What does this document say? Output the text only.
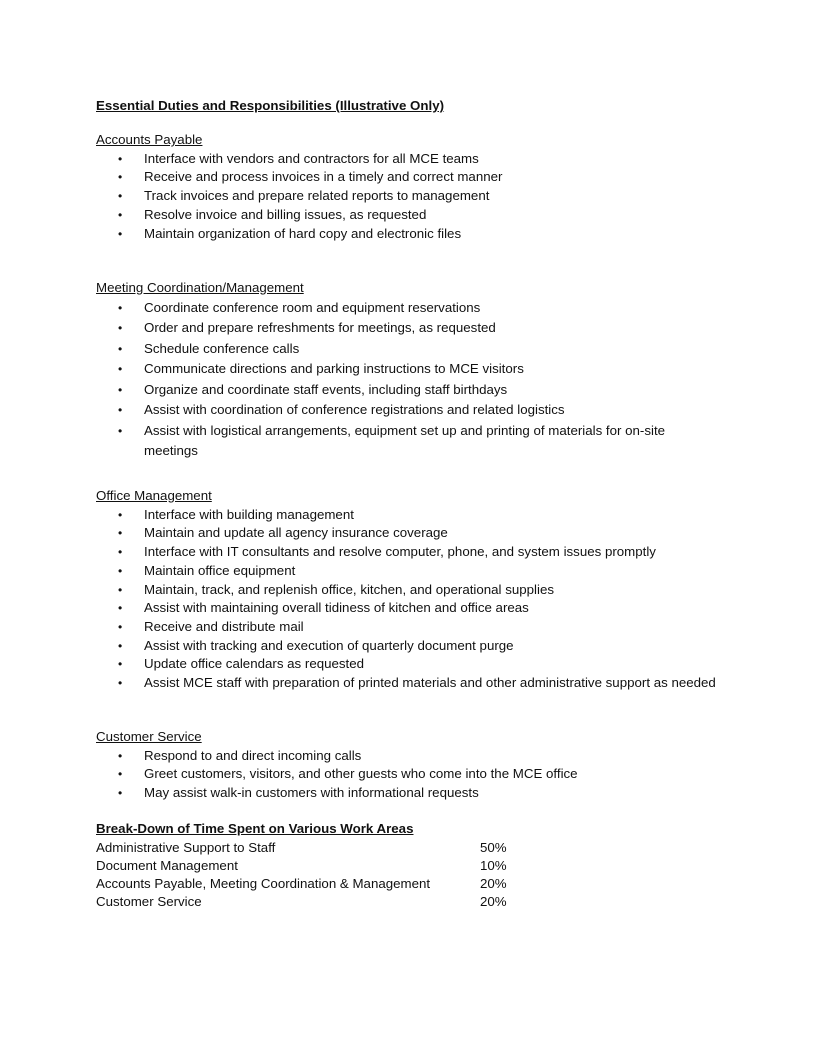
Essential Duties and Responsibilities (Illustrative Only)

Accounts Payable

• Interface with vendors and contractors for all MCE teams
• Receive and process invoices in a timely and correct manner
• Track invoices and prepare related reports to management
• Resolve invoice and billing issues, as requested
• Maintain organization of hard copy and electronic files

Meeting Coordination/Management

• Coordinate conference room and equipment reservations
• Order and prepare refreshments for meetings, as requested
• Schedule conference calls
• Communicate directions and parking instructions to MCE visitors
• Organize and coordinate staff events, including staff birthdays
• Assist with coordination of conference registrations and related logistics
• Assist with logistical arrangements, equipment set up and printing of materials for on-site meetings

Office Management

• Interface with building management
• Maintain and update all agency insurance coverage
• Interface with IT consultants and resolve computer, phone, and system issues promptly
• Maintain office equipment
• Maintain, track, and replenish office, kitchen, and operational supplies
• Assist with maintaining overall tidiness of kitchen and office areas
• Receive and distribute mail
• Assist with tracking and execution of quarterly document purge
• Update office calendars as requested
• Assist MCE staff with preparation of printed materials and other administrative support as needed

Customer Service

• Respond to and direct incoming calls
• Greet customers, visitors, and other guests who come into the MCE office
• May assist walk-in customers with informational requests

Break-Down of Time Spent on Various Work Areas

Administrative Support to Staff	50%
Document Management	10%
Accounts Payable, Meeting Coordination & Management	20%
Customer Service	20%
